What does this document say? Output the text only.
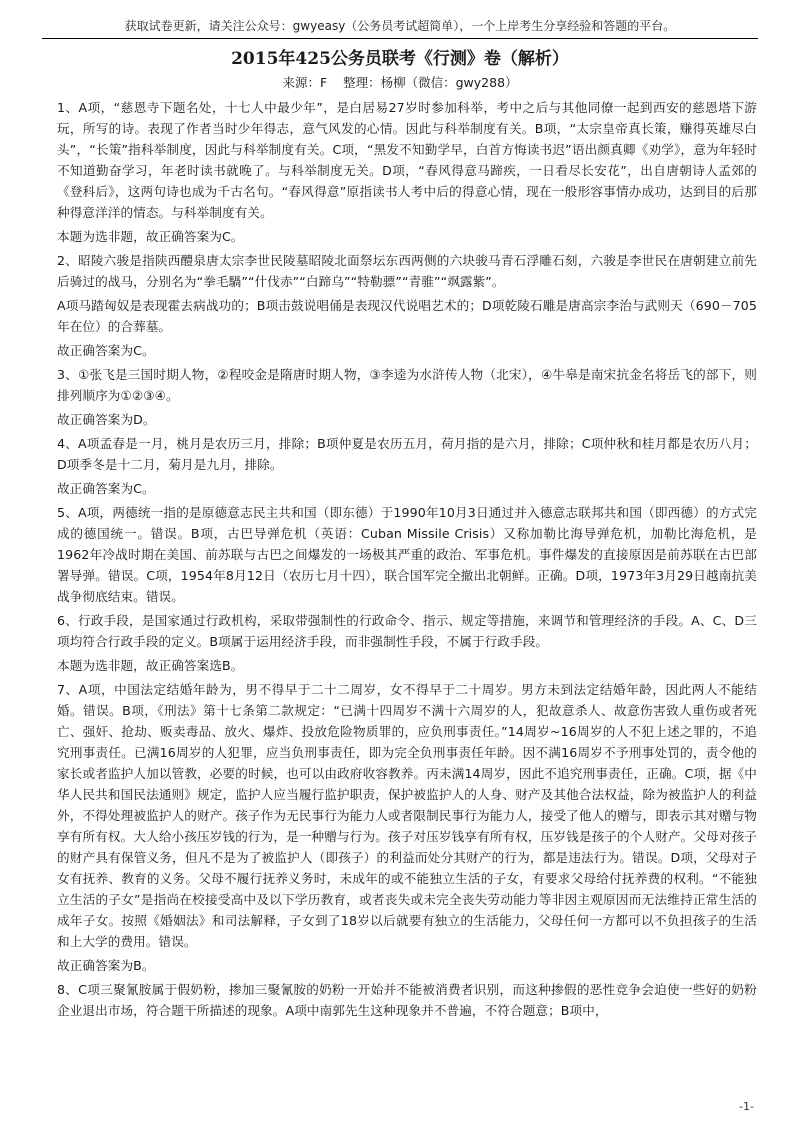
获取试卷更新，请关注公众号：gwyeasy（公务员考试超简单），一个上岸考生分享经验和答题的平台。
2015年425公务员联考《行测》卷（解析）
来源：F 整理：杨柳（微信：gwy288）

1、A项，“慈恩寺下题名处，十七人中最少年”，是白居易27岁时参加科举，考中之后与其他同僚一起到西安的慈恩塔下游玩，所写的诗。表现了作者当时少年得志，意气风发的心情。因此与科举制度有关。B项，“太宗皇帝真长策，赚得英雄尽白头”，“长策”指科举制度，因此与科举制度有关。C项，“黑发不知勤学早，白首方悔读书迟”语出颜真卿《劝学》，意为年轻时不知道勤奋学习，年老时读书就晚了。与科举制度无关。D项，“春风得意马蹄疾，一日看尽长安花”，出自唐朝诗人孟郊的《登科后》，这两句诗也成为千古名句。“春风得意”原指读书人考中后的得意心情，现在一般形容事情办成功，达到目的后那种得意洋洋的情态。与科举制度有关。

本题为选非题，故正确答案为C。

2、昭陵六骏是指陕西醴泉唐太宗李世民陵墓昭陵北面祭坛东西两侧的六块骏马青石浮雕石刻，六骏是李世民在唐朝建立前先后骑过的战马，分别名为“拳毛騧”“什伐赤”“白蹄乌”“特勒骠”“青骓”“飒露紫”。

A项马踏匈奴是表现霍去病战功的；B项击鼓说唱俑是表现汉代说唱艺术的；D项乾陵石雕是唐高宗李治与武则天（690－705年在位）的合葬墓。

故正确答案为C。

3、①张飞是三国时期人物，②程咬金是隋唐时期人物，③李逵为水浒传人物（北宋），④牛皋是南宋抗金名将岳飞的部下，则排列顺序为①②③④。

故正确答案为D。

4、A项孟春是一月，桃月是农历三月，排除；B项仲夏是农历五月，荷月指的是六月，排除；C项仲秋和桂月都是农历八月；D项季冬是十二月，菊月是九月，排除。

故正确答案为C。

5、A项，两德统一指的是原德意志民主共和国（即东德）于1990年10月3日通过并入德意志联邦共和国（即西德）的方式完成的德国统一。错误。B项，古巴导弹危机（英语：Cuban Missile Crisis）又称加勒比海导弹危机，加勒比海危机，是1962年冷战时期在美国、前苏联与古巴之间爆发的一场极其严重的政治、军事危机。事件爆发的直接原因是前苏联在古巴部署导弹。错误。C项，1954年8月12日（农历七月十四），联合国军完全撤出北朝鲜。正确。D项，1973年3月29日越南抗美战争彻底结束。错误。

6、行政手段，是国家通过行政机构，采取带强制性的行政命令、指示、规定等措施，来调节和管理经济的手段。A、C、D三项均符合行政手段的定义。B项属于运用经济手段，而非强制性手段，不属于行政手段。

本题为选非题，故正确答案选B。

7、A项，中国法定结婚年龄为，男不得早于二十二周岁，女不得早于二十周岁。男方未到法定结婚年龄，因此两人不能结婚。错误。B项，《刑法》第十七条第二款规定：“已满十四周岁不满十六周岁的人，犯故意杀人、故意伤害致人重伤或者死亡、强奸、抢劫、贩卖毒品、放火、爆炸、投放危险物质罪的，应负刑事责任。”14周岁~16周岁的人不犯上述之罪的，不追究刑事责任。已满16周岁的人犯罪，应当负刑事责任，即为完全负刑事责任年龄。因不满16周岁不予刑事处罚的，责令他的家长或者监护人加以管教，必要的时候，也可以由政府收容教养。丙未满14周岁，因此不追究刑事责任，正确。C项，据《中华人民共和国民法通则》规定，监护人应当履行监护职责，保护被监护人的人身、财产及其他合法权益，除为被监护人的利益外，不得处理被监护人的财产。孩子作为无民事行为能力人或者限制民事行为能力人，接受了他人的赠与，即表示其对赠与物享有所有权。大人给小孩压岁钱的行为，是一种赠与行为。孩子对压岁钱享有所有权，压岁钱是孩子的个人财产。父母对孩子的财产具有保管义务，但凡不是为了被监护人（即孩子）的利益而处分其财产的行为，都是违法行为。错误。D项，父母对子女有抚养、教育的义务。父母不履行抚养义务时，未成年的或不能独立生活的子女，有要求父母给付抚养费的权利。“不能独立生活的子女”是指尚在校接受高中及以下学历教育，或者丧失或未完全丧失劳动能力等非因主观原因而无法维持正常生活的成年子女。按照《婚姻法》和司法解释，子女到了18岁以后就要有独立的生活能力，父母任何一方都可以不负担孩子的生活和上大学的费用。错误。

故正确答案为B。

8、C项三聚氰胺属于假奶粉，掺加三聚氰胺的奶粉一开始并不能被消费者识别，而这种掺假的恶性竞争会迫使一些好的奶粉企业退出市场，符合题干所描述的现象。A项中南郭先生这种现象并不普遍，不符合题意；B项中，

-1-
